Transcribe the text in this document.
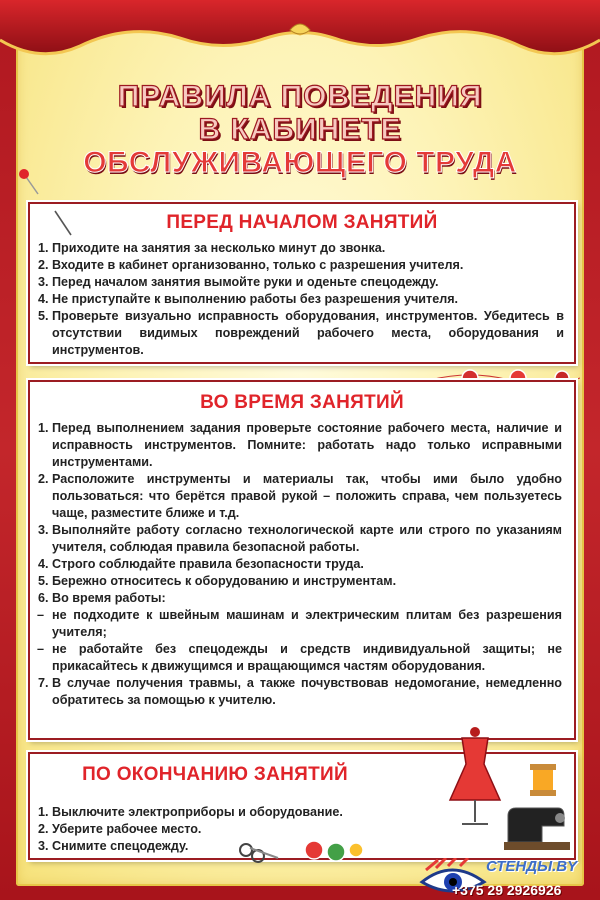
ПРАВИЛА ПОВЕДЕНИЯ
В КАБИНЕТЕ
ОБСЛУЖИВАЮЩЕГО ТРУДА
ПЕРЕД НАЧАЛОМ ЗАНЯТИЙ
1. Приходите на занятия за несколько минут до звонка.
2. Входите в кабинет организованно, только с разрешения учителя.
3. Перед началом занятия вымойте руки и оденьте спецодежду.
4. Не приступайте к выполнению работы без разрешения учителя.
5. Проверьте визуально исправность оборудования, инструментов. Убедитесь в отсутствии видимых повреждений рабочего места, оборудования и инструментов.
ВО ВРЕМЯ ЗАНЯТИЙ
1. Перед выполнением задания проверьте состояние рабочего места, наличие и исправность инструментов. Помните: работать надо только исправными инструментами.
2. Расположите инструменты и материалы так, чтобы ими было удобно пользоваться: что берётся правой рукой – положить справа, чем пользуетесь чаще, разместите ближе и т.д.
3. Выполняйте работу согласно технологической карте или строго по указаниям учителя, соблюдая правила безопасной работы.
4. Строго соблюдайте правила безопасности труда.
5. Бережно относитесь к оборудованию и инструментам.
6. Во время работы:
– не подходите к швейным машинам и электрическим плитам без разрешения учителя;
– не работайте без спецодежды и средств индивидуальной защиты; не прикасайтесь к движущимся и вращающимся частям оборудования.
7. В случае получения травмы, а также почувствовав недомогание, немедленно обратитесь за помощью к учителю.
ПО ОКОНЧАНИЮ ЗАНЯТИЙ
1. Выключите электроприборы и оборудование.
2. Уберите рабочее место.
3. Снимите спецодежду.
СТЕНДЫ.BY
+375 29 2926926
